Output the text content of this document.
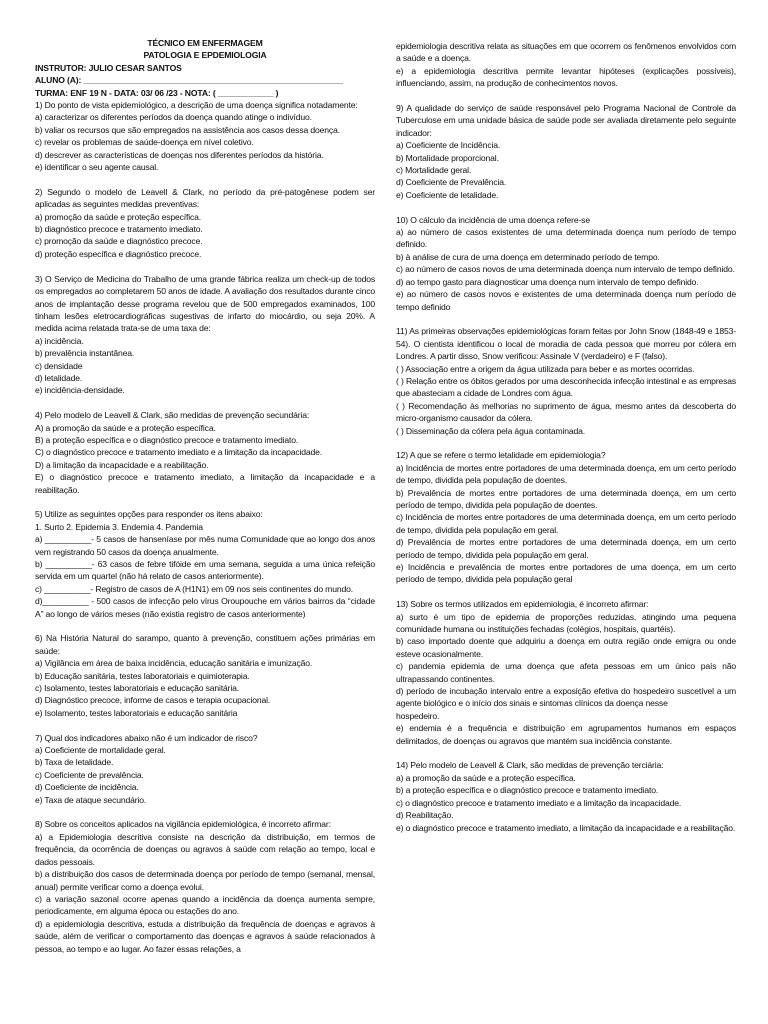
TÉCNICO EM ENFERMAGEM

PATOLOGIA E EPDEMIOLOGIA

INSTRUTOR: JULIO CESAR SANTOS

ALUNO (A): ________________________________________________________

TURMA: ENF 19 N - DATA: 03/ 06 /23 - NOTA: ( ____________ )

1) Do ponto de vista epidemiológico, a descrição de uma doença significa notadamente:

a) caracterizar os diferentes períodos da doença quando atinge o indivíduo.

b) valiar os recursos que são empregados na assistência aos casos dessa doença.

c) revelar os problemas de saúde-doença em nível coletivo.

d) descrever as características de doenças nos diferentes períodos da história.

e) identificar o seu agente causal.

2) Segundo o modelo de Leavell & Clark, no período da pré-patogênese podem ser aplicadas as seguintes medidas preventivas:

a) promoção da saúde e proteção específica.

b) diagnóstico precoce e tratamento imediato.

c) promoção da saúde e diagnóstico precoce.

d) proteção específica e diagnóstico precoce.

3) O Serviço de Medicina do Trabalho de uma grande fábrica realiza um check-up de todos os empregados ao completarem 50 anos de idade. A avaliação dos resultados durante cinco anos de implantação desse programa revelou que de 500 empregados examinados, 100 tinham lesões eletrocardiográficas sugestivas de infarto do miocárdio, ou seja 20%. A medida acima relatada trata-se de uma taxa de:

a) incidência.

b) prevalência instantânea.

c) densidade

d) letalidade.

e) incidência-densidade.

4) Pelo modelo de Leavell & Clark, são medidas de prevenção secundária:

A) a promoção da saúde e a proteção específica.

B) a proteção específica e o diagnóstico precoce e tratamento imediato.

C) o diagnóstico precoce e tratamento imediato e a limitação da incapacidade.

D) a limitação da incapacidade e a reabilitação.

E) o diagnóstico precoce e tratamento imediato, a limitação da incapacidade e a reabilitação.

5) Utilize as seguintes opções para responder os itens abaixo:

1. Surto 2. Epidemia 3. Endemia 4. Pandemia

a) __________- 5 casos de hanseníase por mês numa Comunidade que ao longo dos anos vem registrando 50 casos da doença anualmente.

b) __________- 63 casos de febre tifóide em uma semana, seguida a uma única refeição servida em um quartel (não há relato de casos anteriormente).

c) __________- Registro de casos de A (H1N1) em 09 nos seis continentes do mundo.

d)__________ - 500 casos de infecção pelo vírus Oroupouche em vários bairros da “cidade A” ao longo de vários meses (não existia registro de casos anteriormente)

6) Na História Natural do sarampo, quanto à prevenção, constituem ações primárias em saúde:

a) Vigilância em área de baixa incidência, educação sanitária e imunização.

b) Educação sanitária, testes laboratoriais e quimioterapia.

c) Isolamento, testes laboratoriais e educação sanitária.

d) Diagnóstico precoce, informe de casos e terapia ocupacional.

e) Isolamento, testes laboratoriais e educação sanitária

7) Qual dos indicadores abaixo não é um indicador de risco?

a) Coeficiente de mortalidade geral.

b) Taxa de letalidade.

c) Coeficiente de prevalência.

d) Coeficiente de incidência.

e) Taxa de ataque secundário.

8) Sobre os conceitos aplicados na vigilância epidemiológica, é incorreto afirmar:

a) a Epidemiologia descritiva consiste na descrição da distribuição, em termos de frequência, da ocorrência de doenças ou agravos à saúde com relação ao tempo, local e dados pessoais.

b) a distribuição dos casos de determinada doença por período de tempo (semanal, mensal, anual) permite verificar como a doença evolui.

c) a variação sazonal ocorre apenas quando a incidência da doença aumenta sempre, periodicamente, em alguma época ou estações do ano.

d) a epidemiologia descritiva, estuda a distribuição da frequência de doenças e agravos à saúde, além de verificar o comportamento das doenças e agravos à saúde relacionados à pessoa, ao tempo e ao lugar. Ao fazer essas relações, a

epidemiologia descritiva relata as situações em que ocorrem os fenômenos envolvidos com a saúde e a doença.

e) a epidemiologia descritiva permite levantar hipóteses (explicações possíveis), influenciando, assim, na produção de conhecimentos novos.

9) A qualidade do serviço de saúde responsável pelo Programa Nacional de Controle da Tuberculose em uma unidade básica de saúde pode ser avaliada diretamente pelo seguinte indicador:

a) Coeficiente de Incidência.

b) Mortalidade proporcional.

c) Mortalidade geral.

d) Coeficiente de Prevalência.

e) Coeficiente de letalidade.

10) O cálculo da incidência de uma doença refere-se

a) ao número de casos existentes de uma determinada doença num período de tempo definido.

b) à análise de cura de uma doença em determinado período de tempo.

c) ao número de casos novos de uma determinada doença num intervalo de tempo definido.

d) ao tempo gasto para diagnosticar uma doença num intervalo de tempo definido.

e) ao número de casos novos e existentes de uma determinada doença num período de tempo definido

11) As primeiras observações epidemiológicas foram feitas por John Snow (1848-49 e 1853-54). O cientista identificou o local de moradia de cada pessoa que morreu por cólera em Londres. A partir disso, Snow verificou: Assinale V (verdadeiro) e F (falso).

( ) Associação entre a origem da água utilizada para beber e as mortes ocorridas.

( ) Relação entre os óbitos gerados por uma desconhecida infecção intestinal e as empresas que abasteciam a cidade de Londres com água.

( ) Recomendação às melhorias no suprimento de água, mesmo antes da descoberta do micro-organismo causador da cólera.

( ) Disseminação da cólera pela água contaminada.

12) A que se refere o termo letalidade em epidemiologia?

a) Incidência de mortes entre portadores de uma determinada doença, em um certo período de tempo, dividida pela população de doentes.

b) Prevalência de mortes entre portadores de uma determinada doença, em um certo período de tempo, dividida pela população de doentes.

c) Incidência de mortes entre portadores de uma determinada doença, em um certo período de tempo, dividida pela população em geral.

d) Prevalência de mortes entre portadores de uma determinada doença, em um certo período de tempo, dividida pela população em geral.

e) Incidência e prevalência de mortes entre portadores de uma doença, em um certo período de tempo, dividida pela população geral

13) Sobre os termos utilizados em epidemiologia, é incorreto afirmar:

a) surto é um tipo de epidemia de proporções reduzidas, atingindo uma pequena comunidade humana ou instituições fechadas (colégios, hospitais, quartéis).

b) caso importado doente que adquiriu a doença em outra região onde emigra ou onde esteve ocasionalmente.

c) pandemia epidemia de uma doença que afeta pessoas em um único país não ultrapassando continentes.

d) período de incubação intervalo entre a exposição efetiva do hospedeiro suscetível a um agente biológico e o início dos sinais e sintomas clínicos da doença nesse

hospedeiro.

e) endemia é a frequência e distribuição em agrupamentos humanos em espaços delimitados, de doenças ou agravos que mantém sua incidência constante.

14) Pelo modelo de Leavell & Clark, são medidas de prevenção terciária:

a) a promoção da saúde e a proteção específica.

b) a proteção específica e o diagnóstico precoce e tratamento imediato.

c) o diagnóstico precoce e tratamento imediato e a limitação da incapacidade.

d) Reabilitação.

e) o diagnóstico precoce e tratamento imediato, a limitação da incapacidade e a reabilitação.
